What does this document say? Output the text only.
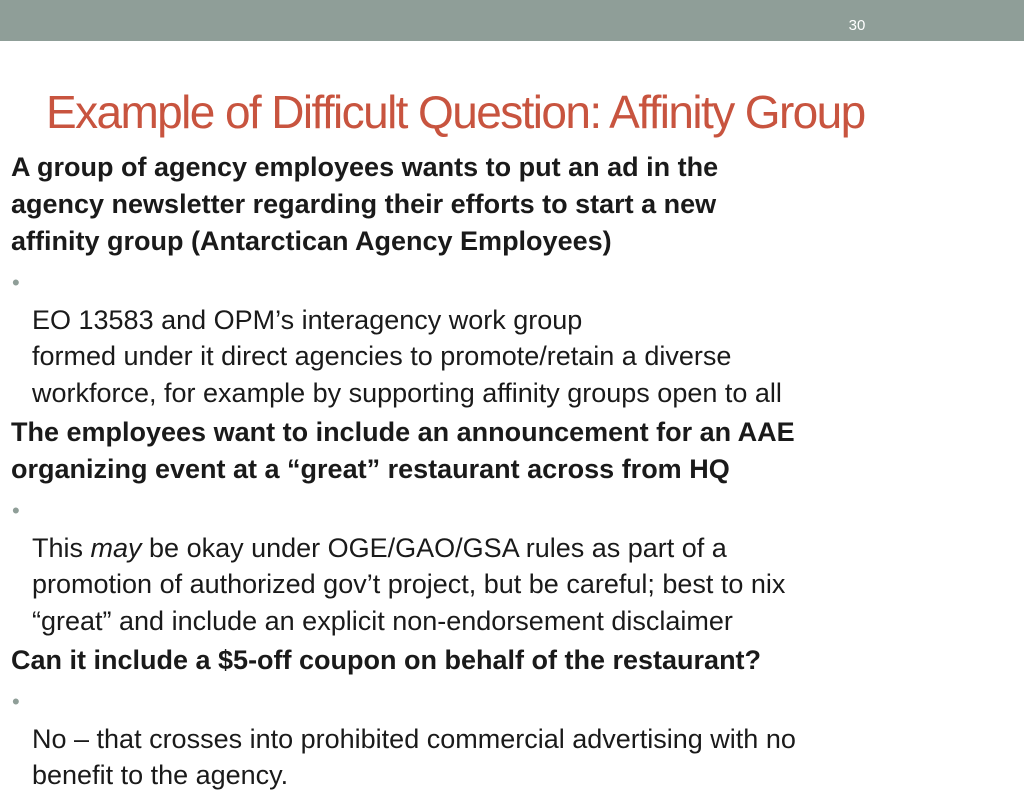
30
Example of Difficult Question: Affinity Group

A group of agency employees wants to put an ad in the
agency newsletter regarding their efforts to start a new
affinity group (Antarctican Agency Employees)

•
EO 13583 and OPM’s interagency work group
formed under it direct agencies to promote/retain a diverse
workforce, for example by supporting affinity groups open to all

The employees want to include an announcement for an AAE
organizing event at a “great” restaurant across from HQ

•
This may be okay under OGE/GAO/GSA rules as part of a
promotion of authorized gov’t project, but be careful; best to nix
“great” and include an explicit non-endorsement disclaimer

Can it include a $5-off coupon on behalf of the restaurant?

•
No – that crosses into prohibited commercial advertising with no
benefit to the agency.
